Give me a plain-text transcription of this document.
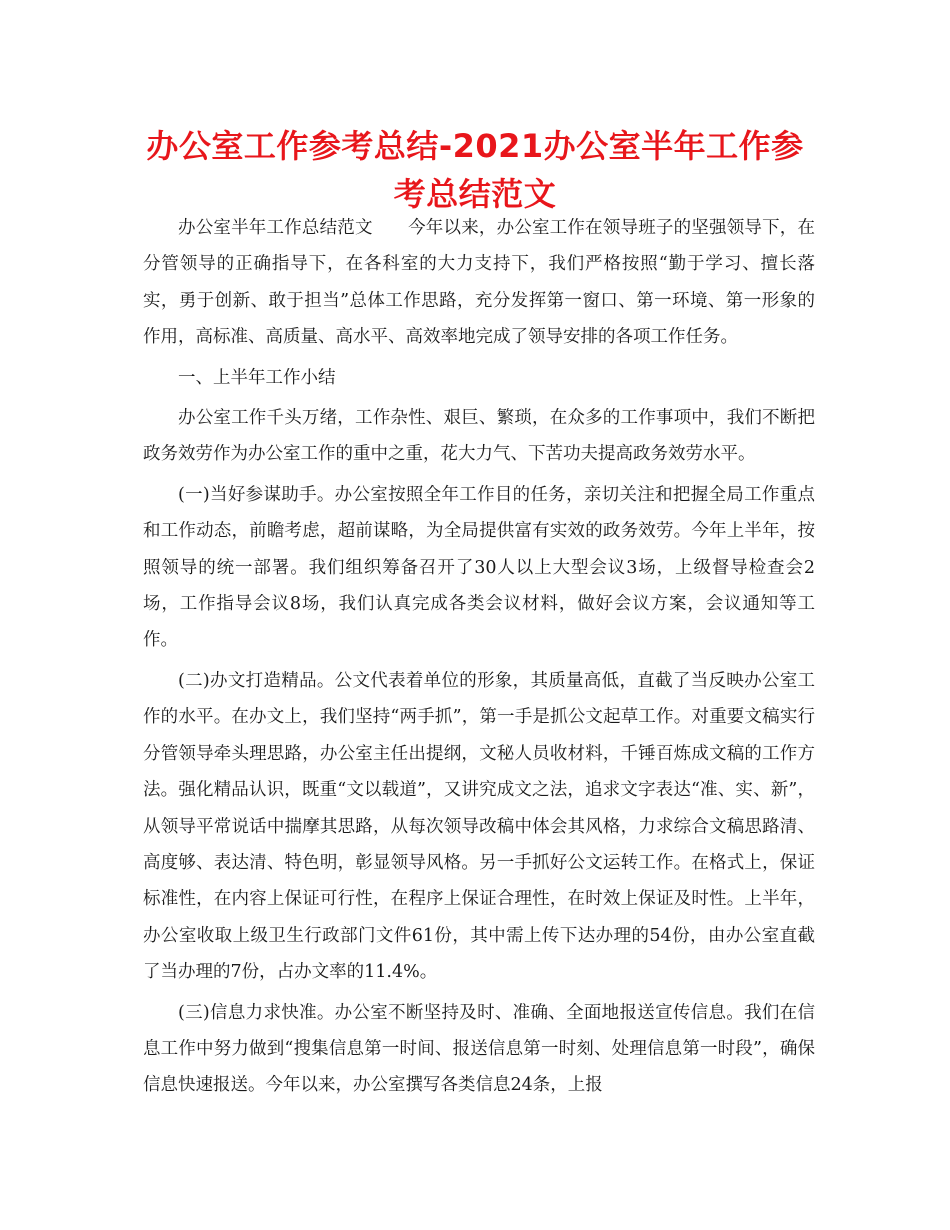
办公室工作参考总结-2021办公室半年工作参考总结范文

办公室半年工作总结范文　　今年以来，办公室工作在领导班子的坚强领导下，在分管领导的正确指导下，在各科室的大力支持下，我们严格按照“勤于学习、擅长落实，勇于创新、敢于担当”总体工作思路，充分发挥第一窗口、第一环境、第一形象的作用，高标准、高质量、高水平、高效率地完成了领导安排的各项工作任务。

一、上半年工作小结

办公室工作千头万绪，工作杂性、艰巨、繁琐，在众多的工作事项中，我们不断把政务效劳作为办公室工作的重中之重，花大力气、下苦功夫提高政务效劳水平。

(一)当好参谋助手。办公室按照全年工作目的任务，亲切关注和把握全局工作重点和工作动态，前瞻考虑，超前谋略，为全局提供富有实效的政务效劳。今年上半年，按照领导的统一部署。我们组织筹备召开了30人以上大型会议3场，上级督导检查会2场，工作指导会议8场，我们认真完成各类会议材料，做好会议方案，会议通知等工作。

(二)办文打造精品。公文代表着单位的形象，其质量高低，直截了当反映办公室工作的水平。在办文上，我们坚持“两手抓”，第一手是抓公文起草工作。对重要文稿实行分管领导牵头理思路，办公室主任出提纲，文秘人员收材料，千锤百炼成文稿的工作方法。强化精品认识，既重“文以载道”，又讲究成文之法，追求文字表达“准、实、新”，从领导平常说话中揣摩其思路，从每次领导改稿中体会其风格，力求综合文稿思路清、高度够、表达清、特色明，彰显领导风格。另一手抓好公文运转工作。在格式上，保证标准性，在内容上保证可行性，在程序上保证合理性，在时效上保证及时性。上半年，办公室收取上级卫生行政部门文件61份，其中需上传下达办理的54份，由办公室直截了当办理的7份，占办文率的11.4%。

(三)信息力求快准。办公室不断坚持及时、准确、全面地报送宣传信息。我们在信息工作中努力做到“搜集信息第一时间、报送信息第一时刻、处理信息第一时段”，确保信息快速报送。今年以来，办公室撰写各类信息24条，上报
